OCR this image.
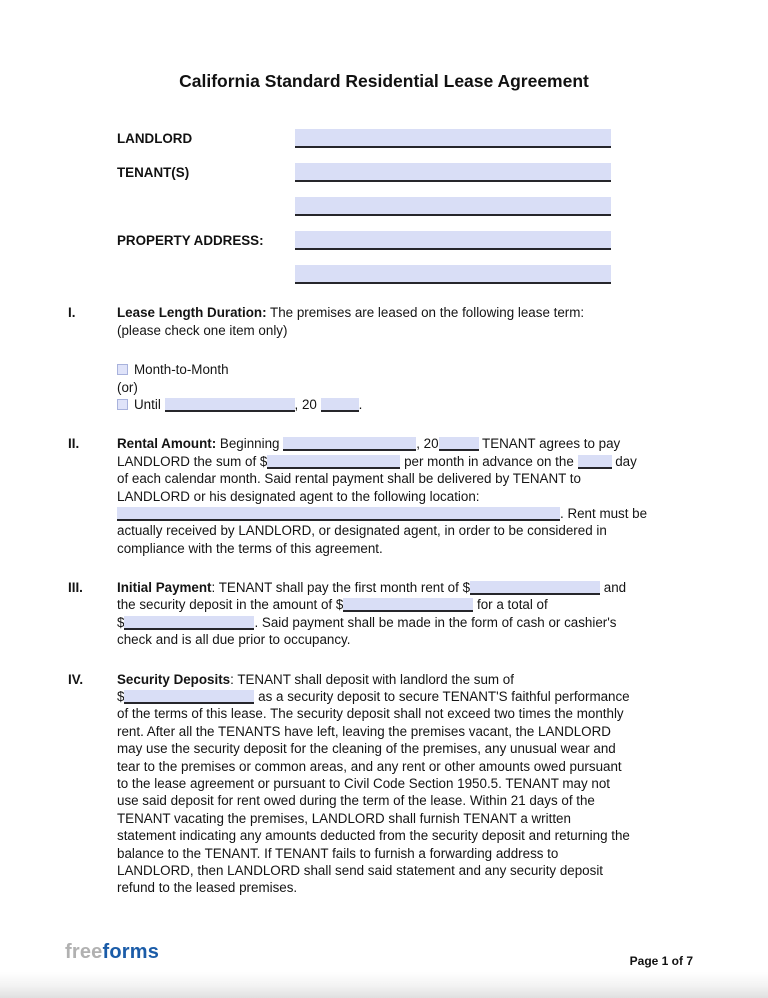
California Standard Residential Lease Agreement
LANDLORD
TENANT(S)
PROPERTY ADDRESS:
I.	Lease Length Duration: The premises are leased on the following lease term:
(please check one item only)
Month-to-Month
(or)
Until	, 20	.
II.	Rental Amount: Beginning	, 20	TENANT agrees to pay
LANDLORD the sum of $	per month in advance on the	day
of each calendar month. Said rental payment shall be delivered by TENANT to
LANDLORD or his designated agent to the following location:
. Rent must be
actually received by LANDLORD, or designated agent, in order to be considered in
compliance with the terms of this agreement.
III.	Initial Payment: TENANT shall pay the first month rent of $	and
the security deposit in the amount of $	for a total of
$	. Said payment shall be made in the form of cash or cashier's
check and is all due prior to occupancy.
IV.	Security Deposits: TENANT shall deposit with landlord the sum of
$	as a security deposit to secure TENANT'S faithful performance
of the terms of this lease. The security deposit shall not exceed two times the monthly
rent. After all the TENANTS have left, leaving the premises vacant, the LANDLORD
may use the security deposit for the cleaning of the premises, any unusual wear and
tear to the premises or common areas, and any rent or other amounts owed pursuant
to the lease agreement or pursuant to Civil Code Section 1950.5. TENANT may not
use said deposit for rent owed during the term of the lease. Within 21 days of the
TENANT vacating the premises, LANDLORD shall furnish TENANT a written
statement indicating any amounts deducted from the security deposit and returning the
balance to the TENANT. If TENANT fails to furnish a forwarding address to
LANDLORD, then LANDLORD shall send said statement and any security deposit
refund to the leased premises.
freeforms	Page 1 of 7
